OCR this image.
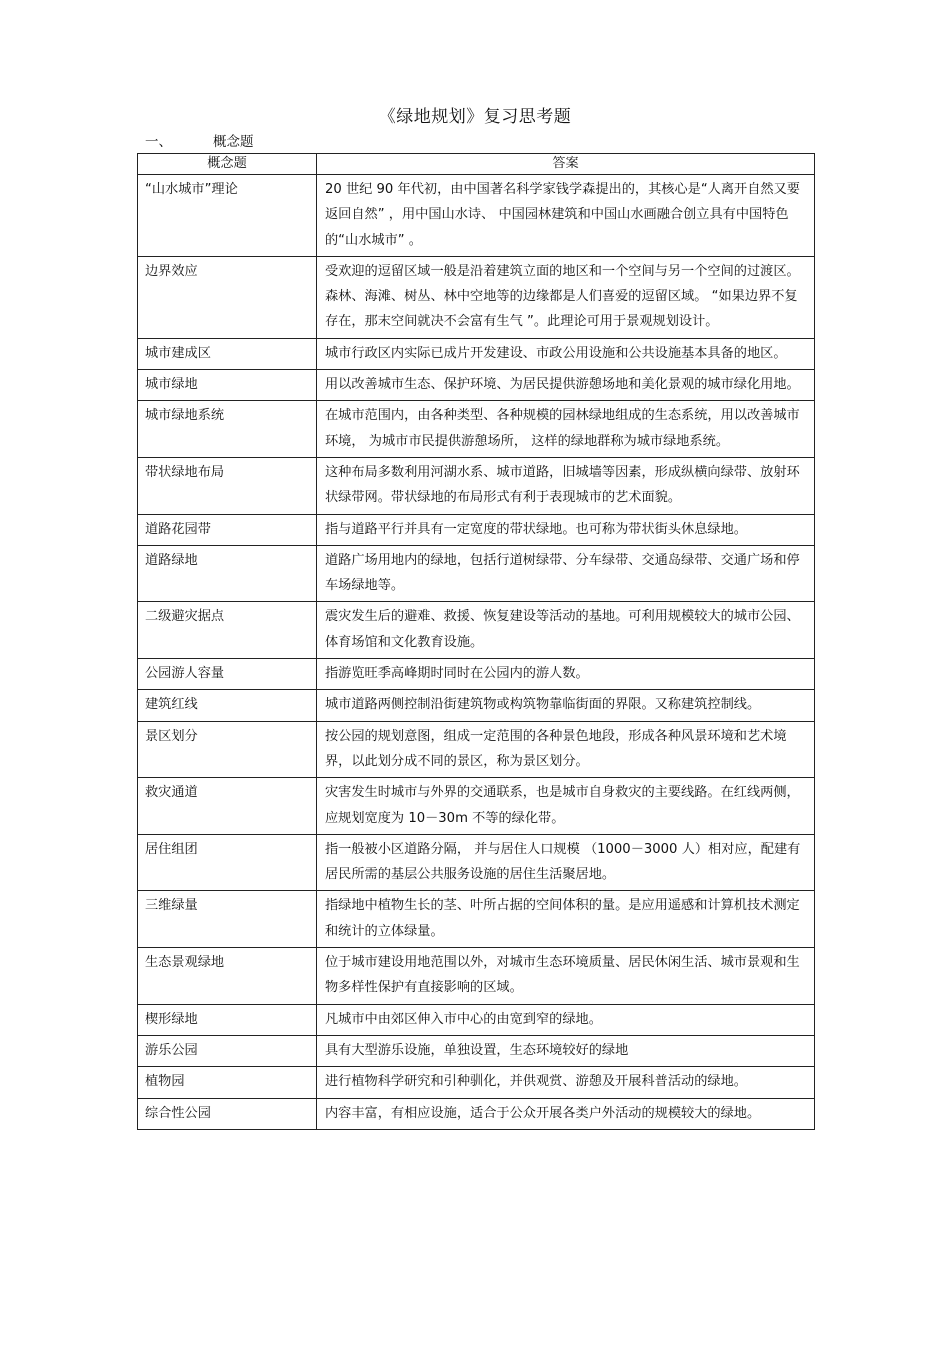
《绿地规划》复习思考题
一、	概念题
概念题	答案
“山水城市”理论	20 世纪 90 年代初，由中国著名科学家钱学森提出的，其核心是“人离开自然又要返回自然” ，用中国山水诗、 中国园林建筑和中国山水画融合创立具有中国特色的“山水城市” 。
边界效应	受欢迎的逗留区域一般是沿着建筑立面的地区和一个空间与另一个空间的过渡区。森林、海滩、树丛、林中空地等的边缘都是人们喜爱的逗留区域。 “如果边界不复存在，那末空间就决不会富有生气 ”。此理论可用于景观规划设计。
城市建成区	城市行政区内实际已成片开发建设、市政公用设施和公共设施基本具备的地区。
城市绿地	用以改善城市生态、保护环境、为居民提供游憩场地和美化景观的城市绿化用地。
城市绿地系统	在城市范围内，由各种类型、各种规模的园林绿地组成的生态系统，用以改善城市环境， 为城市市民提供游憩场所， 这样的绿地群称为城市绿地系统。
带状绿地布局	这种布局多数利用河湖水系、城市道路，旧城墙等因素，形成纵横向绿带、放射环状绿带网。带状绿地的布局形式有利于表现城市的艺术面貌。
道路花园带	指与道路平行并具有一定宽度的带状绿地。也可称为带状街头休息绿地。
道路绿地	道路广场用地内的绿地，包括行道树绿带、分车绿带、交通岛绿带、交通广场和停车场绿地等。
二级避灾据点	震灾发生后的避难、救援、恢复建设等活动的基地。可利用规模较大的城市公园、体育场馆和文化教育设施。
公园游人容量	指游览旺季高峰期时同时在公园内的游人数。
建筑红线	城市道路两侧控制沿街建筑物或构筑物靠临街面的界限。又称建筑控制线。
景区划分	按公园的规划意图，组成一定范围的各种景色地段，形成各种风景环境和艺术境界，以此划分成不同的景区，称为景区划分。
救灾通道	灾害发生时城市与外界的交通联系，也是城市自身救灾的主要线路。在红线两侧，应规划宽度为 10－30m 不等的绿化带。
居住组团	指一般被小区道路分隔， 并与居住人口规模 （1000－3000 人）相对应，配建有居民所需的基层公共服务设施的居住生活聚居地。
三维绿量	指绿地中植物生长的茎、叶所占据的空间体积的量。是应用遥感和计算机技术测定和统计的立体绿量。
生态景观绿地	位于城市建设用地范围以外，对城市生态环境质量、居民休闲生活、城市景观和生物多样性保护有直接影响的区域。
楔形绿地	凡城市中由郊区伸入市中心的由宽到窄的绿地。
游乐公园	具有大型游乐设施，单独设置，生态环境较好的绿地
植物园	进行植物科学研究和引种驯化，并供观赏、游憩及开展科普活动的绿地。
综合性公园	内容丰富，有相应设施，适合于公众开展各类户外活动的规模较大的绿地。
